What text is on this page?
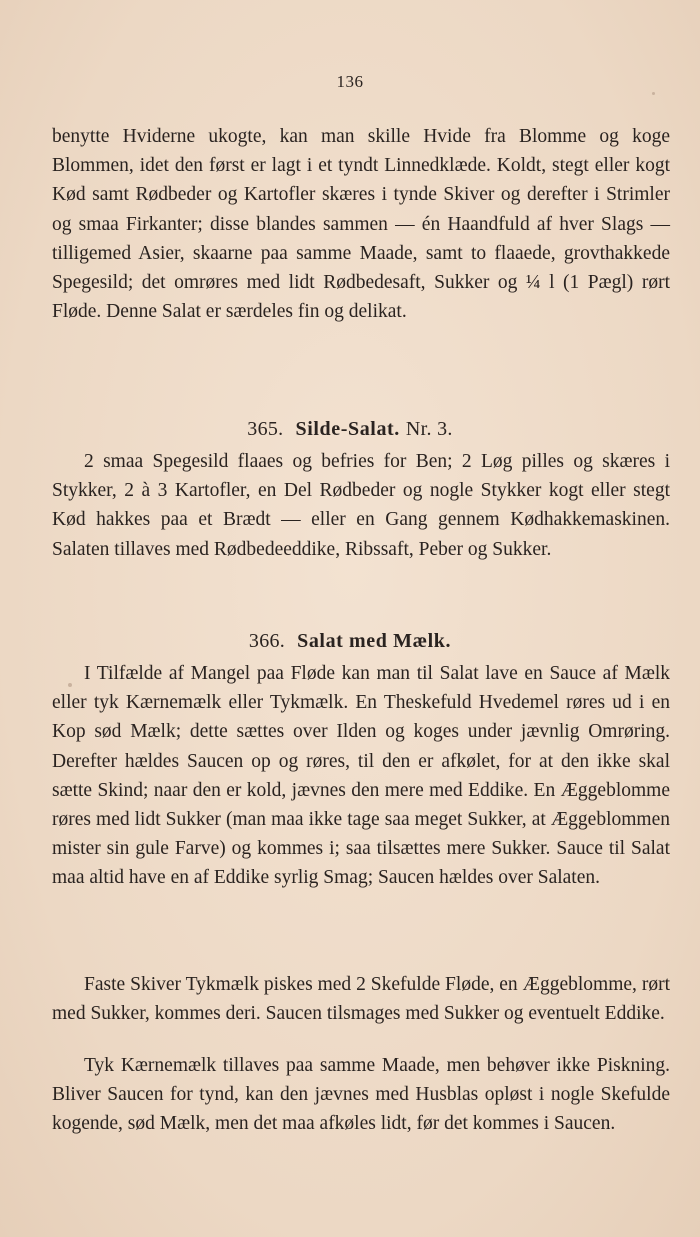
136

benytte Hviderne ukogte, kan man skille Hvide fra Blomme og koge Blommen, idet den først er lagt i et tyndt Linnedklæde. Koldt, stegt eller kogt Kød samt Rødbeder og Kartofler skæres i tynde Skiver og derefter i Strimler og smaa Firkanter; disse blandes sammen — én Haandfuld af hver Slags — tilligemed Asier, skaarne paa samme Maade, samt to flaaede, grovthakkede Spegesild; det omrøres med lidt Rødbedesaft, Sukker og ¼ l (1 Pægl) rørt Fløde. Denne Salat er særdeles fin og delikat.

365. Silde-Salat. Nr. 3.

2 smaa Spegesild flaaes og befries for Ben; 2 Løg pilles og skæres i Stykker, 2 à 3 Kartofler, en Del Rødbeder og nogle Stykker kogt eller stegt Kød hakkes paa et Brædt — eller en Gang gennem Kødhakkemaskinen. Salaten tillaves med Rødbedeeddike, Ribssaft, Peber og Sukker.

366. Salat med Mælk.

I Tilfælde af Mangel paa Fløde kan man til Salat lave en Sauce af Mælk eller tyk Kærnemælk eller Tykmælk. En Theskefuld Hvedemel røres ud i en Kop sød Mælk; dette sættes over Ilden og koges under jævnlig Omrøring. Derefter hældes Saucen op og røres, til den er afkølet, for at den ikke skal sætte Skind; naar den er kold, jævnes den mere med Eddike. En Æggeblomme røres med lidt Sukker (man maa ikke tage saa meget Sukker, at Æggeblommen mister sin gule Farve) og kommes i; saa tilsættes mere Sukker. Sauce til Salat maa altid have en af Eddike syrlig Smag; Saucen hældes over Salaten.

Faste Skiver Tykmælk piskes med 2 Skefulde Fløde, en Æggeblomme, rørt med Sukker, kommes deri. Saucen tilsmages med Sukker og eventuelt Eddike.

Tyk Kærnemælk tillaves paa samme Maade, men behøver ikke Piskning. Bliver Saucen for tynd, kan den jævnes med Husblas opløst i nogle Skefulde kogende, sød Mælk, men det maa afkøles lidt, før det kommes i Saucen.
